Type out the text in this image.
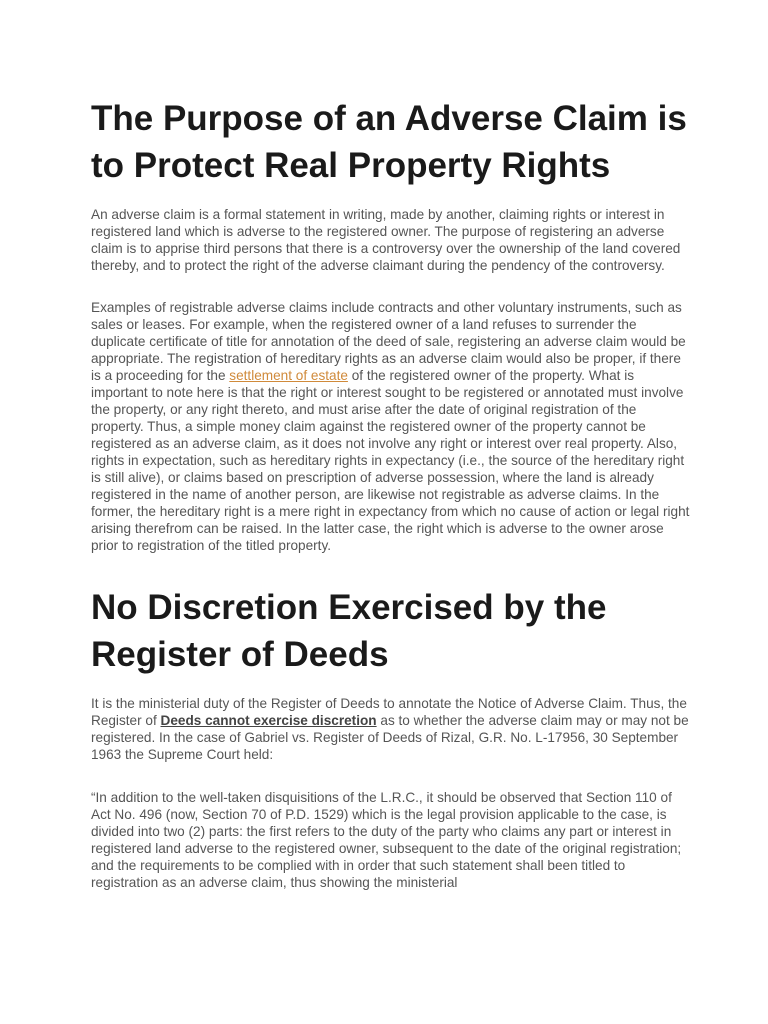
The Purpose of an Adverse Claim is to Protect Real Property Rights

An adverse claim is a formal statement in writing, made by another, claiming rights or interest in registered land which is adverse to the registered owner. The purpose of registering an adverse claim is to apprise third persons that there is a controversy over the ownership of the land covered thereby, and to protect the right of the adverse claimant during the pendency of the controversy.

Examples of registrable adverse claims include contracts and other voluntary instruments, such as sales or leases. For example, when the registered owner of a land refuses to surrender the duplicate certificate of title for annotation of the deed of sale, registering an adverse claim would be appropriate. The registration of hereditary rights as an adverse claim would also be proper, if there is a proceeding for the settlement of estate of the registered owner of the property. What is important to note here is that the right or interest sought to be registered or annotated must involve the property, or any right thereto, and must arise after the date of original registration of the property. Thus, a simple money claim against the registered owner of the property cannot be registered as an adverse claim, as it does not involve any right or interest over real property. Also, rights in expectation, such as hereditary rights in expectancy (i.e., the source of the hereditary right is still alive), or claims based on prescription of adverse possession, where the land is already registered in the name of another person, are likewise not registrable as adverse claims. In the former, the hereditary right is a mere right in expectancy from which no cause of action or legal right arising therefrom can be raised. In the latter case, the right which is adverse to the owner arose prior to registration of the titled property.

No Discretion Exercised by the Register of Deeds

It is the ministerial duty of the Register of Deeds to annotate the Notice of Adverse Claim. Thus, the Register of Deeds cannot exercise discretion as to whether the adverse claim may or may not be registered. In the case of Gabriel vs. Register of Deeds of Rizal, G.R. No. L-17956, 30 September 1963 the Supreme Court held:

“In addition to the well-taken disquisitions of the L.R.C., it should be observed that Section 110 of Act No. 496 (now, Section 70 of P.D. 1529) which is the legal provision applicable to the case, is divided into two (2) parts: the first refers to the duty of the party who claims any part or interest in registered land adverse to the registered owner, subsequent to the date of the original registration; and the requirements to be complied with in order that such statement shall been titled to registration as an adverse claim, thus showing the ministerial
